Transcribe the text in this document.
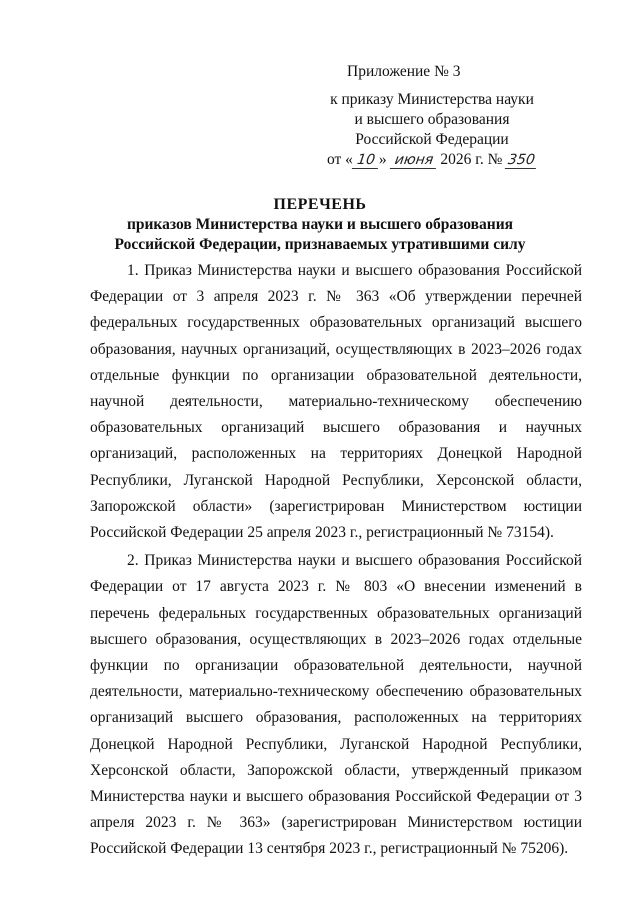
Приложение № 3
к приказу Министерства науки
и высшего образования
Российской Федерации
от « 10 » июня 2026 г. № 350
ПЕРЕЧЕНЬ
приказов Министерства науки и высшего образования
Российской Федерации, признаваемых утратившими силу

1. Приказ Министерства науки и высшего образования Российской Федерации от 3 апреля 2023 г. № 363 «Об утверждении перечней федеральных государственных образовательных организаций высшего образования, научных организаций, осуществляющих в 2023–2026 годах отдельные функции по организации образовательной деятельности, научной деятельности, материально-техническому обеспечению образовательных организаций высшего образования и научных организаций, расположенных на территориях Донецкой Народной Республики, Луганской Народной Республики, Херсонской области, Запорожской области» (зарегистрирован Министерством юстиции Российской Федерации 25 апреля 2023 г., регистрационный № 73154).

2. Приказ Министерства науки и высшего образования Российской Федерации от 17 августа 2023 г. № 803 «О внесении изменений в перечень федеральных государственных образовательных организаций высшего образования, осуществляющих в 2023–2026 годах отдельные функции по организации образовательной деятельности, научной деятельности, материально-техническому обеспечению образовательных организаций высшего образования, расположенных на территориях Донецкой Народной Республики, Луганской Народной Республики, Херсонской области, Запорожской области, утвержденный приказом Министерства науки и высшего образования Российской Федерации от 3 апреля 2023 г. № 363» (зарегистрирован Министерством юстиции Российской Федерации 13 сентября 2023 г., регистрационный № 75206).
